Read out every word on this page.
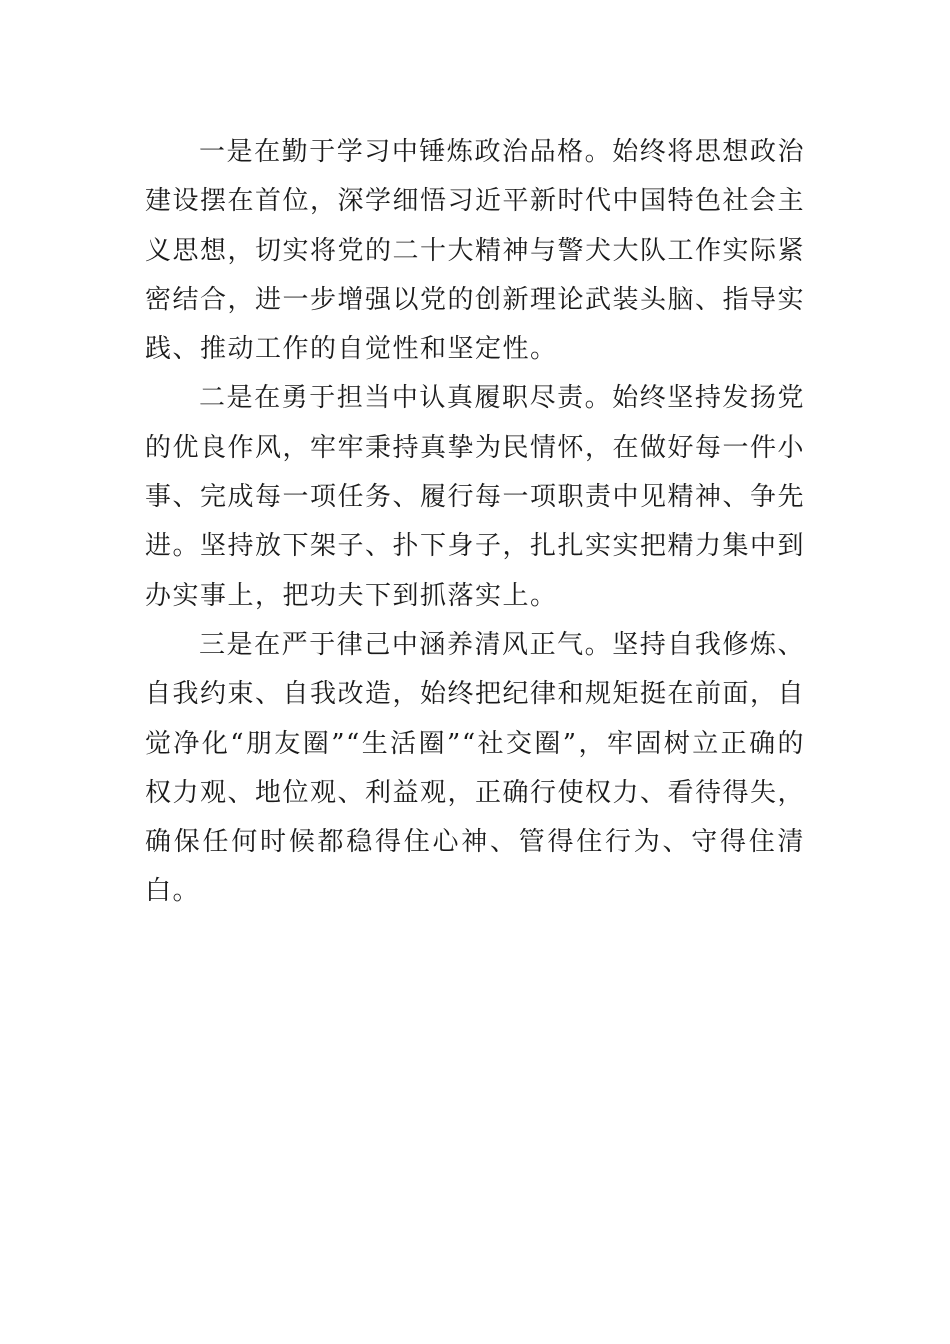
一是在勤于学习中锤炼政治品格。始终将思想政治建设摆在首位，深学细悟习近平新时代中国特色社会主义思想，切实将党的二十大精神与警犬大队工作实际紧密结合，进一步增强以党的创新理论武装头脑、指导实践、推动工作的自觉性和坚定性。

二是在勇于担当中认真履职尽责。始终坚持发扬党的优良作风，牢牢秉持真挚为民情怀，在做好每一件小事、完成每一项任务、履行每一项职责中见精神、争先进。坚持放下架子、扑下身子，扎扎实实把精力集中到办实事上，把功夫下到抓落实上。

三是在严于律己中涵养清风正气。坚持自我修炼、自我约束、自我改造，始终把纪律和规矩挺在前面，自觉净化“朋友圈”“生活圈”“社交圈”，牢固树立正确的权力观、地位观、利益观，正确行使权力、看待得失，确保任何时候都稳得住心神、管得住行为、守得住清白。
